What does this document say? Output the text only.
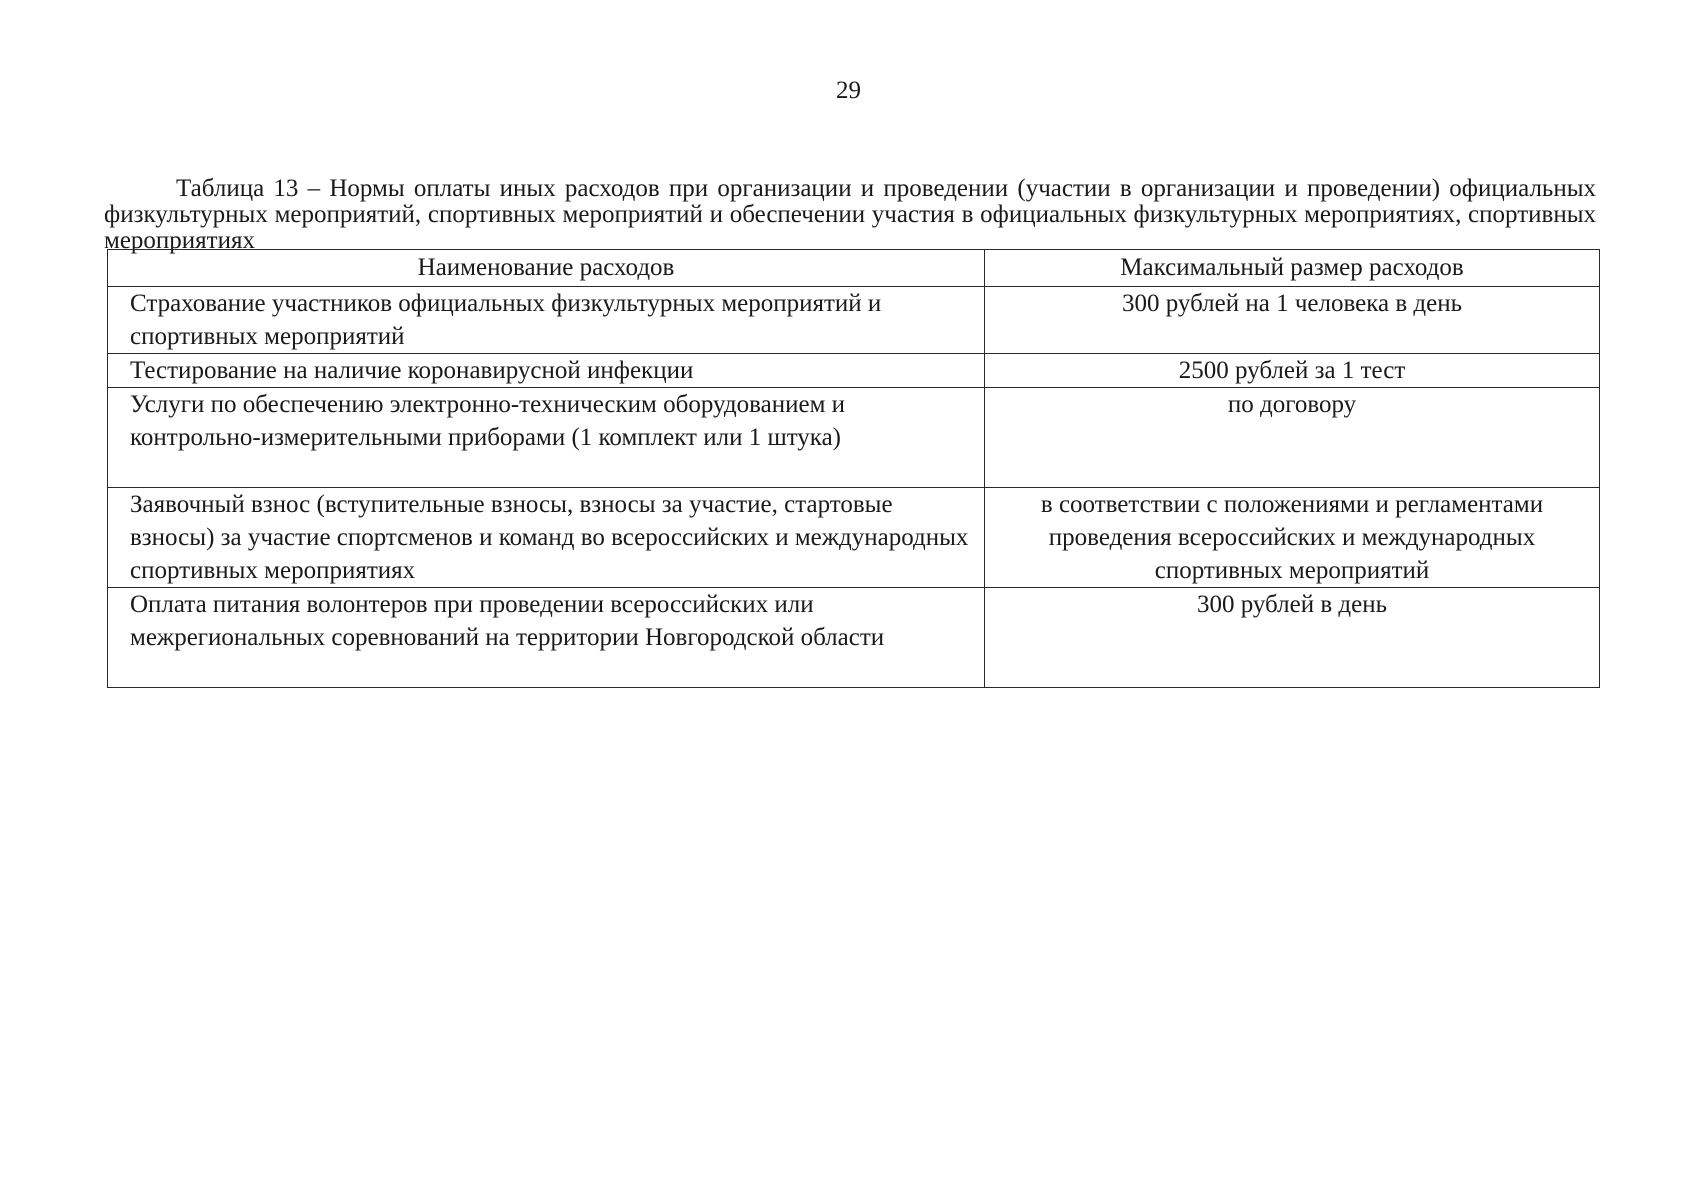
29

Таблица 13 – Нормы оплаты иных расходов при организации и проведении (участии в организации и проведении) официальных физкультурных мероприятий, спортивных мероприятий и обеспечении участия в официальных физкультурных мероприятиях, спортивных мероприятиях

Наименование расходов	Максимальный размер расходов
Страхование участников официальных физкультурных мероприятий и спортивных мероприятий	300 рублей на 1 человека в день
Тестирование на наличие коронавирусной инфекции	2500 рублей за 1 тест
Услуги по обеспечению электронно-техническим оборудованием и контрольно-измерительными приборами (1 комплект или 1 штука)	по договору
Заявочный взнос (вступительные взносы, взносы за участие, стартовые взносы) за участие спортсменов и команд во всероссийских и международных спортивных мероприятиях	в соответствии с положениями и регламентами проведения всероссийских и международных спортивных мероприятий
Оплата питания волонтеров при проведении всероссийских или межрегиональных соревнований на территории Новгородской области	300 рублей в день
